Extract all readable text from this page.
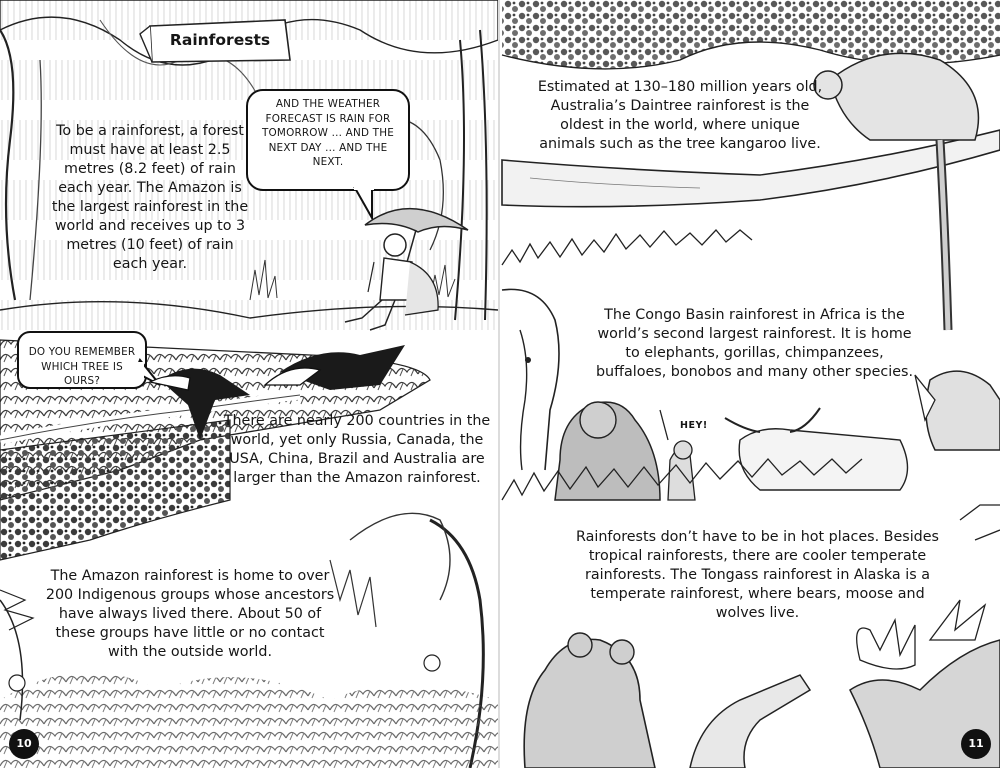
Rainforests
AND THE WEATHER FORECAST IS RAIN FOR TOMORROW ... AND THE NEXT DAY ... AND THE NEXT.
To be a rainforest, a forest must have at least 2.5 metres (8.2 feet) of rain each year. The Amazon is the largest rainforest in the world and receives up to 3 metres (10 feet) of rain each year.
DO YOU REMEMBER WHICH TREE IS OURS?
There are nearly 200 countries in the world, yet only Russia, Canada, the USA, China, Brazil and Australia are larger than the Amazon rainforest.
The Amazon rainforest is home to over 200 Indigenous groups whose ancestors have always lived there. About 50 of these groups have little or no contact with the outside world.
Estimated at 130–180 million years old, Australia’s Daintree rainforest is the oldest in the world, where unique animals such as the tree kangaroo live.
The Congo Basin rainforest in Africa is the world’s second largest rainforest. It is home to elephants, gorillas, chimpanzees, buffaloes, bonobos and many other species.
HEY!
Rainforests don’t have to be in hot places. Besides tropical rainforests, there are cooler temperate rainforests. The Tongass rainforest in Alaska is a temperate rainforest, where bears, moose and wolves live.
10	11
